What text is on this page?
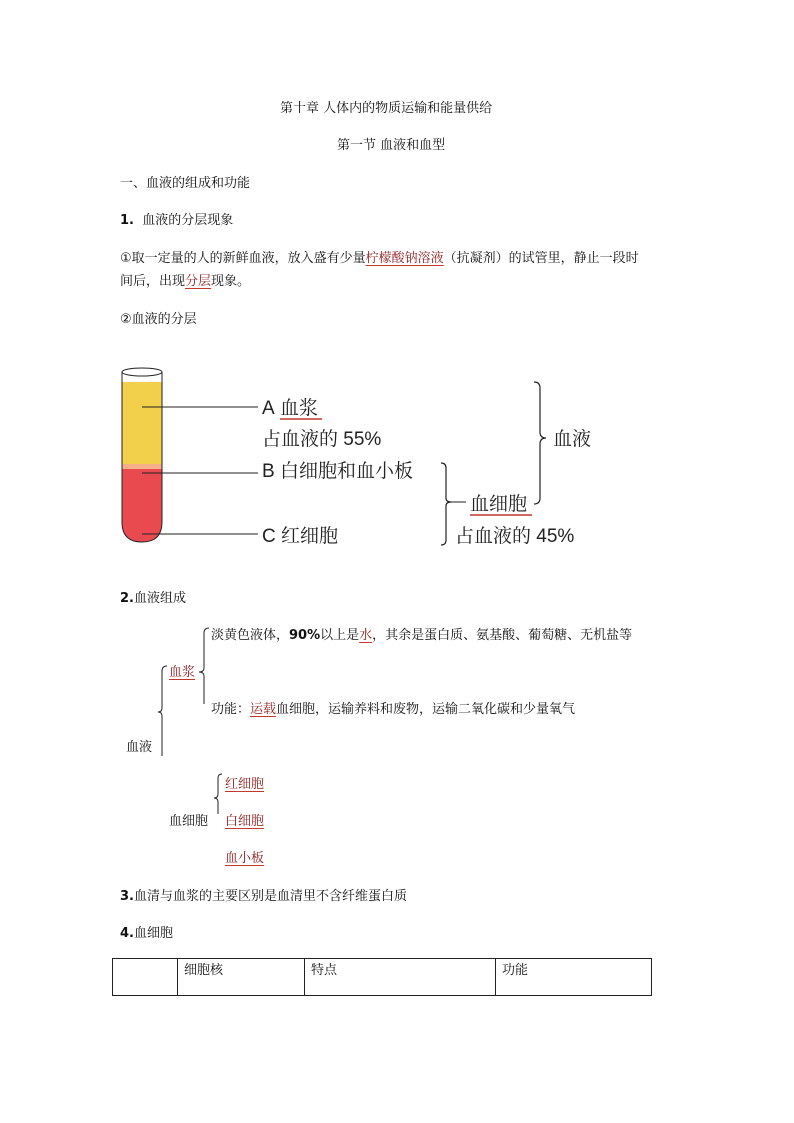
第十章 人体内的物质运输和能量供给
第一节 血液和血型
一、血液的组成和功能
1. 血液的分层现象
①取一定量的人的新鲜血液，放入盛有少量柠檬酸钠溶液（抗凝剂）的试管里，静止一段时
间后，出现分层现象。
②血液的分层
A 血浆
占血液的 55%
B 白细胞和血小板
C 红细胞
血细胞
占血液的 45%
血液
2.血液组成
淡黄色液体，90%以上是水，其余是蛋白质、氨基酸、葡萄糖、无机盐等
血浆
功能：运载血细胞，运输养料和废物，运输二氧化碳和少量氧气
血液
红细胞
血细胞 白细胞
血小板
3.血清与血浆的主要区别是血清里不含纤维蛋白质
4.血细胞
	细胞核	特点	功能
